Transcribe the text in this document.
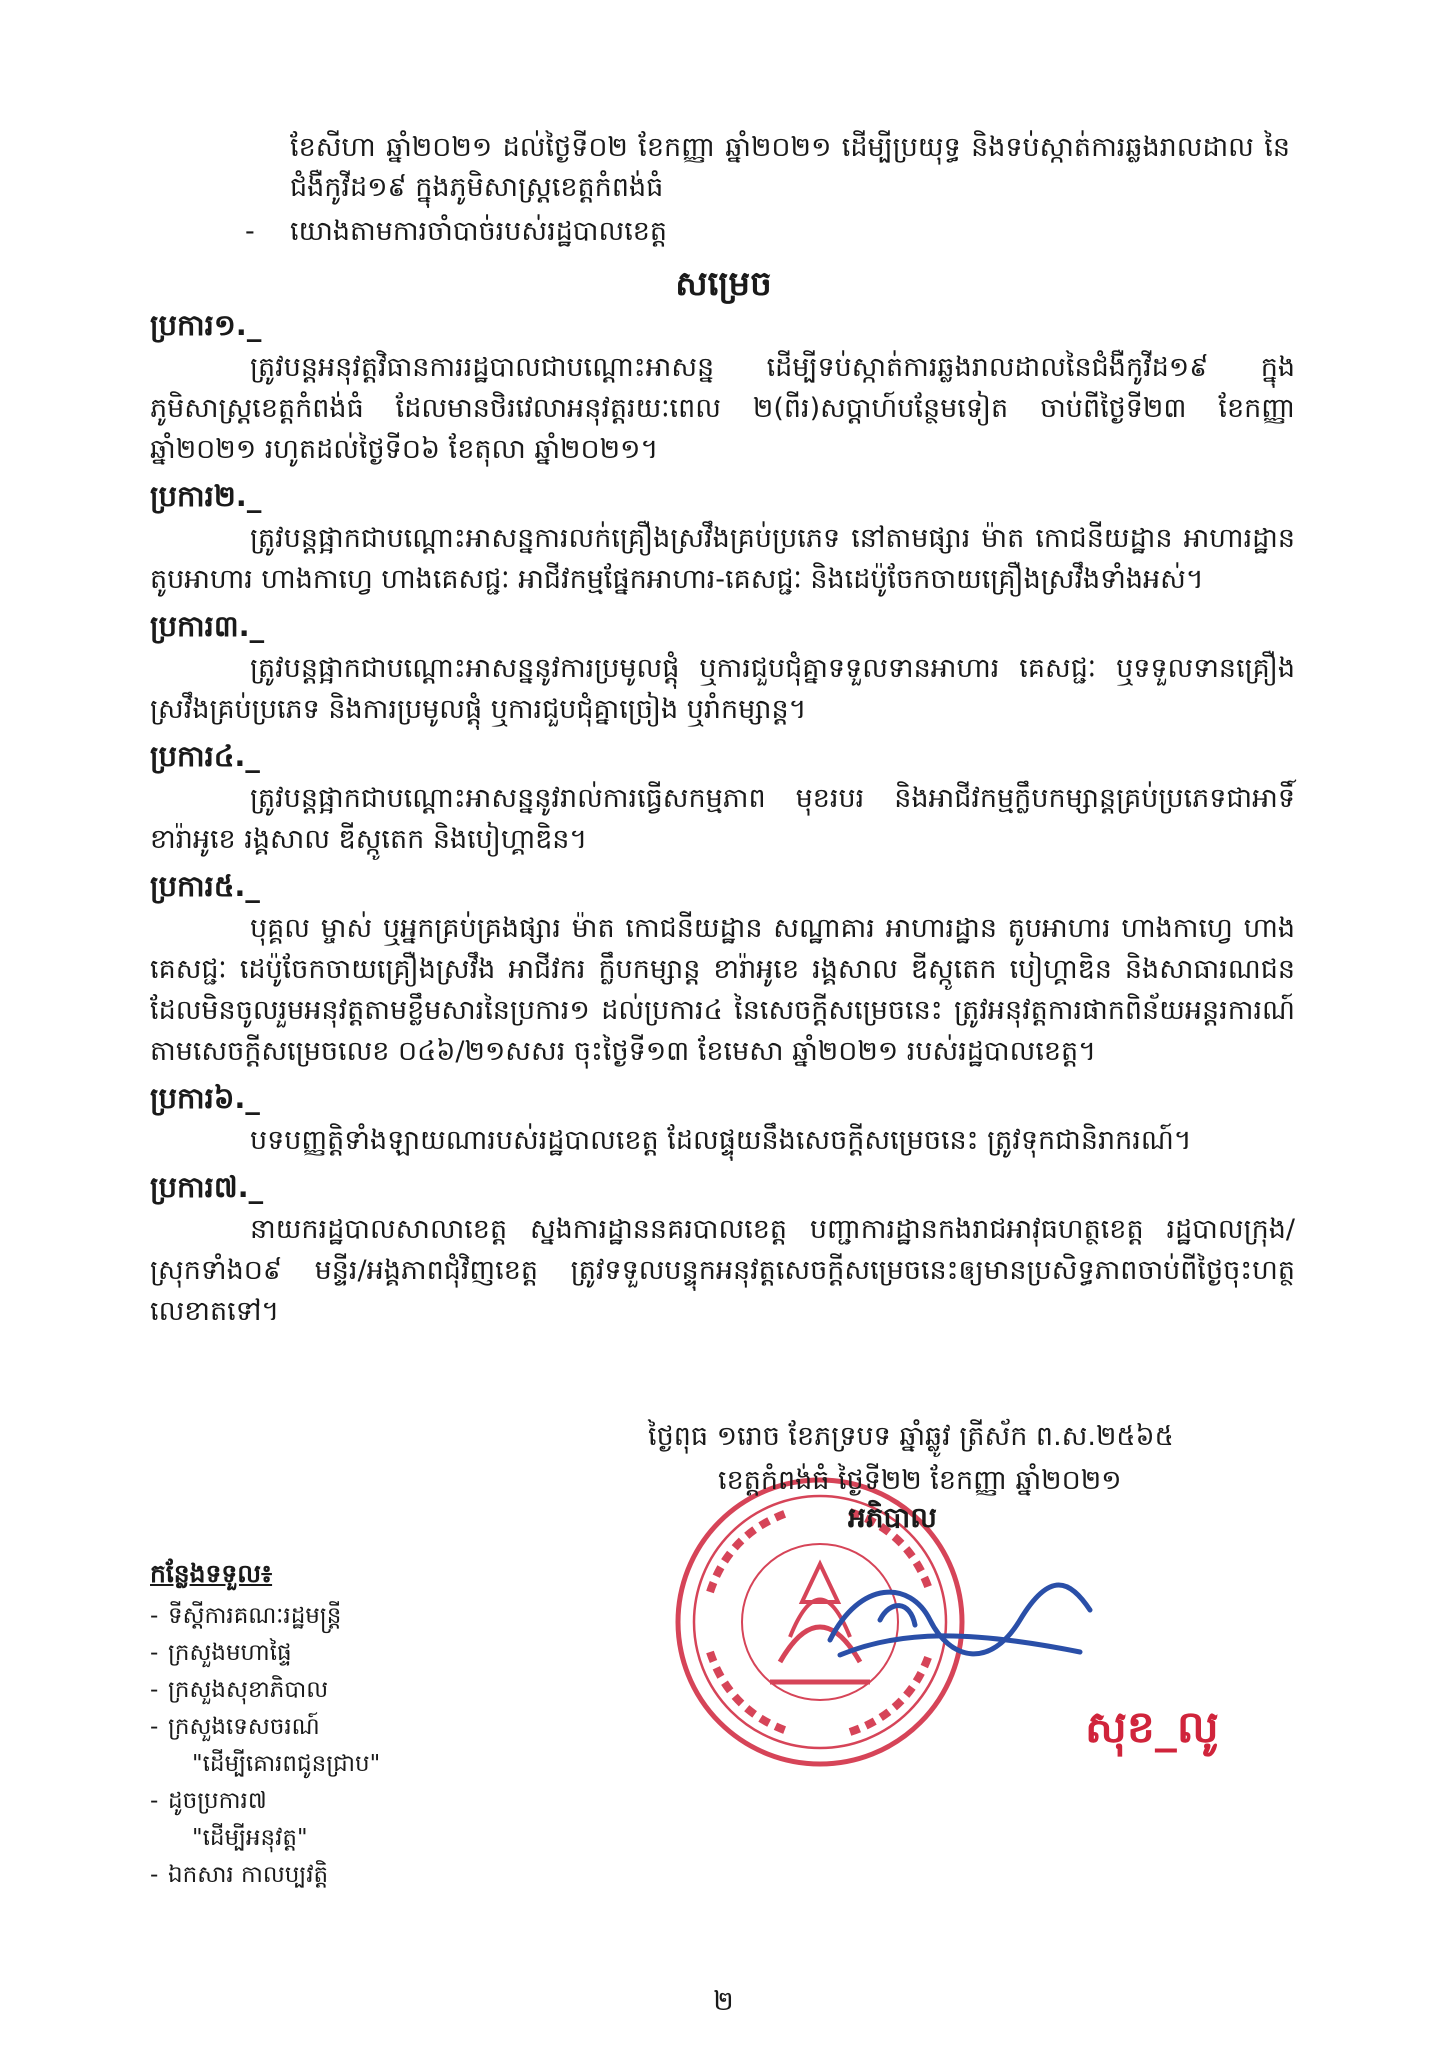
ខែសីហា ឆ្នាំ២០២១ ដល់ថ្ងៃទី០២ ខែកញ្ញា ឆ្នាំ២០២១ ដើម្បីប្រយុទ្ធ និងទប់ស្កាត់ការឆ្លងរាលដាល នៃជំងឺកូវីដ១៩ ក្នុងភូមិសាស្ត្រខេត្តកំពង់ធំ
- យោងតាមការចាំបាច់របស់រដ្ឋបាលខេត្ត
សម្រេច
ប្រការ១._
ត្រូវបន្តអនុវត្តវិធានការរដ្ឋបាលជាបណ្តោះអាសន្ន ដើម្បីទប់ស្កាត់ការឆ្លងរាលដាលនៃជំងឺកូវីដ១៩ ក្នុងភូមិសាស្ត្រខេត្តកំពង់ធំ ដែលមានថិរវេលាអនុវត្តរយៈពេល ២(ពីរ)សប្តាហ៍បន្ថែមទៀត ចាប់ពីថ្ងៃទី២៣ ខែកញ្ញា ឆ្នាំ២០២១ រហូតដល់ថ្ងៃទី០៦ ខែតុលា ឆ្នាំ២០២១។
ប្រការ២._
ត្រូវបន្តផ្អាកជាបណ្តោះអាសន្នការលក់គ្រឿងស្រវឹងគ្រប់ប្រភេទ នៅតាមផ្សារ ម៉ាត កោជនីយដ្ឋាន អាហារដ្ឋាន តូបអាហារ ហាងកាហ្វេ ហាងគេសជ្ជៈ អាជីវកម្មផ្នែកអាហារ-គេសជ្ជៈ និងដេប៉ូចែកចាយគ្រឿងស្រវឹងទាំងអស់។
ប្រការ៣._
ត្រូវបន្តផ្អាកជាបណ្តោះអាសន្ននូវការប្រមូលផ្តុំ ឬការជួបជុំគ្នាទទួលទានអាហារ គេសជ្ជៈ ឬទទួលទានគ្រឿងស្រវឹងគ្រប់ប្រភេទ និងការប្រមូលផ្តុំ ឬការជួបជុំគ្នាច្រៀង ឬរាំកម្សាន្ត។
ប្រការ៤._
ត្រូវបន្តផ្អាកជាបណ្តោះអាសន្ននូវរាល់ការធ្វើសកម្មភាព មុខរបរ និងអាជីវកម្មក្លឹបកម្សាន្តគ្រប់ប្រភេទជាអាទិ៍ ខារ៉ាអូខេ រង្គសាល ឌីស្កូតេក និងបៀហ្គាឌិន។
ប្រការ៥._
បុគ្គល ម្ចាស់ ឬអ្នកគ្រប់គ្រងផ្សារ ម៉ាត កោជនីយដ្ឋាន សណ្ឋាគារ អាហារដ្ឋាន តូបអាហារ ហាងកាហ្វេ ហាងគេសជ្ជៈ ដេប៉ូចែកចាយគ្រឿងស្រវឹង អាជីវករ ក្លឹបកម្សាន្ត ខារ៉ាអូខេ រង្គសាល ឌីស្កូតេក បៀហ្គាឌិន និងសាធារណជន ដែលមិនចូលរួមអនុវត្តតាមខ្លឹមសារនៃប្រការ១ ដល់ប្រការ៤ នៃសេចក្តីសម្រេចនេះ ត្រូវអនុវត្តការផាកពិន័យអន្តរការណ៍តាមសេចក្តីសម្រេចលេខ ០៤៦/២១សសរ ចុះថ្ងៃទី១៣ ខែមេសា ឆ្នាំ២០២១ របស់រដ្ឋបាលខេត្ត។
ប្រការ៦._
បទបញ្ញត្តិទាំងឡាយណារបស់រដ្ឋបាលខេត្ត ដែលផ្ទុយនឹងសេចក្តីសម្រេចនេះ ត្រូវទុកជានិរាករណ៍។
ប្រការ៧._
នាយករដ្ឋបាលសាលាខេត្ត ស្នងការដ្ឋាននគរបាលខេត្ត បញ្ជាការដ្ឋានកងរាជអាវុធហត្ថខេត្ត រដ្ឋបាលក្រុង/ស្រុកទាំង០៩ មន្ទីរ/អង្គភាពជុំវិញខេត្ត ត្រូវទទួលបន្ទុកអនុវត្តសេចក្តីសម្រេចនេះឲ្យមានប្រសិទ្ធភាពចាប់ពីថ្ងៃចុះហត្ថលេខាតទៅ។
ថ្ងៃពុធ ១រោច ខែភទ្របទ ឆ្នាំឆ្លូវ ត្រីស័ក ព.ស.២៥៦៥
ខេត្តកំពង់ធំ ថ្ងៃទី២២ ខែកញ្ញា ឆ្នាំ២០២១
អភិបាល
សុខ_លូ
កន្លែងទទួល៖
- ទីស្តីការគណៈរដ្ឋមន្ត្រី
- ក្រសួងមហាផ្ទៃ
- ក្រសួងសុខាភិបាល
- ក្រសួងទេសចរណ៍
"ដើម្បីគោរពជូនជ្រាប"
- ដូចប្រការ៧
"ដើម្បីអនុវត្ត"
- ឯកសារ កាលប្បវត្តិ
២
